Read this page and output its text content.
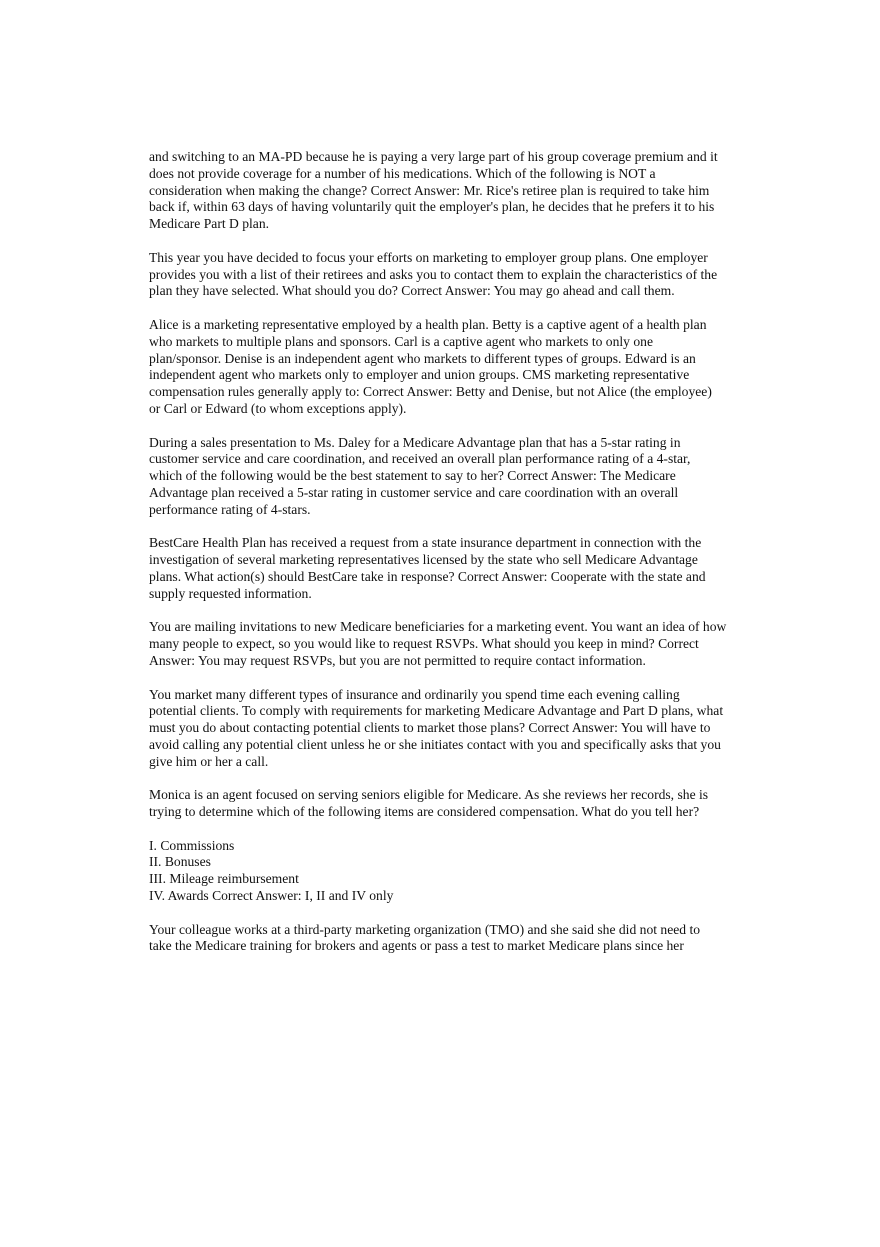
and switching to an MA-PD because he is paying a very large part of his group coverage premium and it
does not provide coverage for a number of his medications. Which of the following is NOT a
consideration when making the change? Correct Answer: Mr. Rice's retiree plan is required to take him
back if, within 63 days of having voluntarily quit the employer's plan, he decides that he prefers it to his
Medicare Part D plan.

This year you have decided to focus your efforts on marketing to employer group plans. One employer
provides you with a list of their retirees and asks you to contact them to explain the characteristics of the
plan they have selected. What should you do? Correct Answer: You may go ahead and call them.

Alice is a marketing representative employed by a health plan. Betty is a captive agent of a health plan
who markets to multiple plans and sponsors. Carl is a captive agent who markets to only one
plan/sponsor. Denise is an independent agent who markets to different types of groups. Edward is an
independent agent who markets only to employer and union groups. CMS marketing representative
compensation rules generally apply to: Correct Answer: Betty and Denise, but not Alice (the employee)
or Carl or Edward (to whom exceptions apply).

During a sales presentation to Ms. Daley for a Medicare Advantage plan that has a 5-star rating in
customer service and care coordination, and received an overall plan performance rating of a 4-star,
which of the following would be the best statement to say to her? Correct Answer: The Medicare
Advantage plan received a 5-star rating in customer service and care coordination with an overall
performance rating of 4-stars.

BestCare Health Plan has received a request from a state insurance department in connection with the
investigation of several marketing representatives licensed by the state who sell Medicare Advantage
plans. What action(s) should BestCare take in response? Correct Answer: Cooperate with the state and
supply requested information.

You are mailing invitations to new Medicare beneficiaries for a marketing event. You want an idea of how
many people to expect, so you would like to request RSVPs. What should you keep in mind? Correct
Answer: You may request RSVPs, but you are not permitted to require contact information.

You market many different types of insurance and ordinarily you spend time each evening calling
potential clients. To comply with requirements for marketing Medicare Advantage and Part D plans, what
must you do about contacting potential clients to market those plans? Correct Answer: You will have to
avoid calling any potential client unless he or she initiates contact with you and specifically asks that you
give him or her a call.

Monica is an agent focused on serving seniors eligible for Medicare. As she reviews her records, she is
trying to determine which of the following items are considered compensation. What do you tell her?

I. Commissions
II. Bonuses
III. Mileage reimbursement
IV. Awards Correct Answer: I, II and IV only

Your colleague works at a third-party marketing organization (TMO) and she said she did not need to
take the Medicare training for brokers and agents or pass a test to market Medicare plans since her
